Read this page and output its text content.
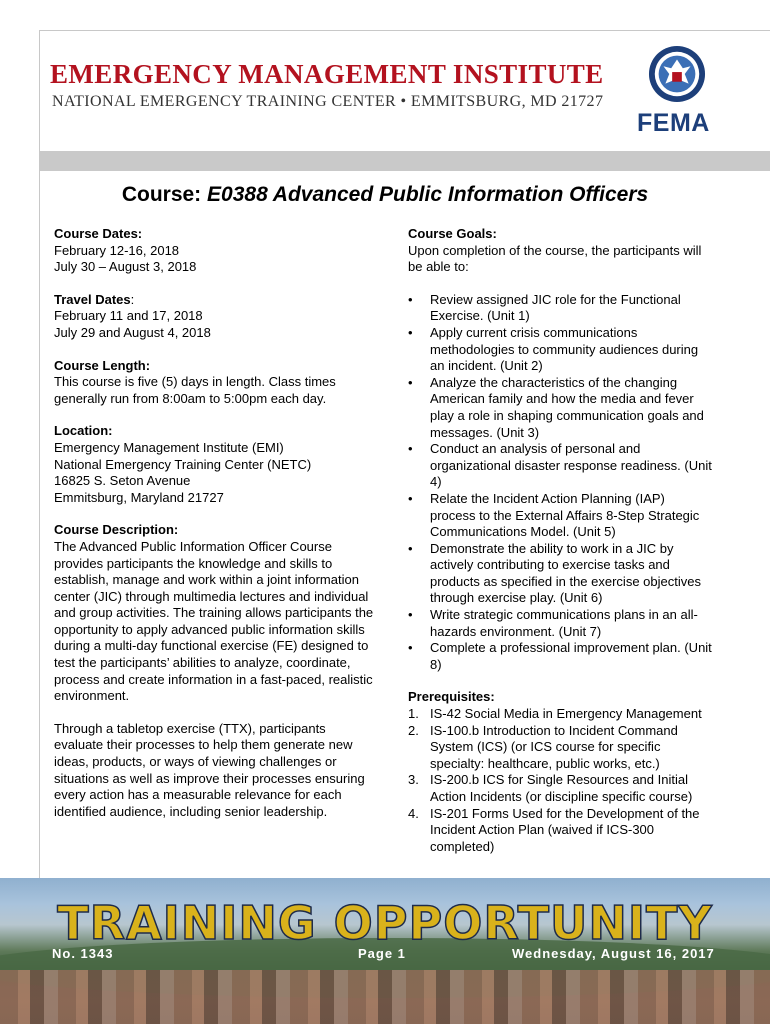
EMERGENCY MANAGEMENT INSTITUTE
NATIONAL EMERGENCY TRAINING CENTER • EMMITSBURG, MD 21727
FEMA
Course: E0388 Advanced Public Information Officers
Course Dates:
February 12-16, 2018
July 30 – August 3, 2018
Travel Dates:
February 11 and 17, 2018
July 29 and August 4, 2018
Course Length:
This course is five (5) days in length. Class times generally run from 8:00am to 5:00pm each day.
Location:
Emergency Management Institute (EMI)
National Emergency Training Center (NETC)
16825 S. Seton Avenue
Emmitsburg, Maryland 21727
Course Description:
The Advanced Public Information Officer Course provides participants the knowledge and skills to establish, manage and work within a joint information center (JIC) through multimedia lectures and individual and group activities. The training allows participants the opportunity to apply advanced public information skills during a multi-day functional exercise (FE) designed to test the participants’ abilities to analyze, coordinate, process and create information in a fast-paced, realistic environment.
Through a tabletop exercise (TTX), participants evaluate their processes to help them generate new ideas, products, or ways of viewing challenges or situations as well as improve their processes ensuring every action has a measurable relevance for each identified audience, including senior leadership.
Course Goals:
Upon completion of the course, the participants will be able to:
• Review assigned JIC role for the Functional Exercise. (Unit 1)
• Apply current crisis communications methodologies to community audiences during an incident. (Unit 2)
• Analyze the characteristics of the changing American family and how the media and fever play a role in shaping communication goals and messages. (Unit 3)
• Conduct an analysis of personal and organizational disaster response readiness. (Unit 4)
• Relate the Incident Action Planning (IAP) process to the External Affairs 8-Step Strategic Communications Model. (Unit 5)
• Demonstrate the ability to work in a JIC by actively contributing to exercise tasks and products as specified in the exercise objectives through exercise play. (Unit 6)
• Write strategic communications plans in an all-hazards environment. (Unit 7)
• Complete a professional improvement plan. (Unit 8)
Prerequisites:
1. IS-42 Social Media in Emergency Management
2. IS-100.b Introduction to Incident Command System (ICS) (or ICS course for specific specialty: healthcare, public works, etc.)
3. IS-200.b ICS for Single Resources and Initial Action Incidents (or discipline specific course)
4. IS-201 Forms Used for the Development of the Incident Action Plan (waived if ICS-300 completed)
TRAINING OPPORTUNITY
No. 1343	Page 1	Wednesday, August 16, 2017
